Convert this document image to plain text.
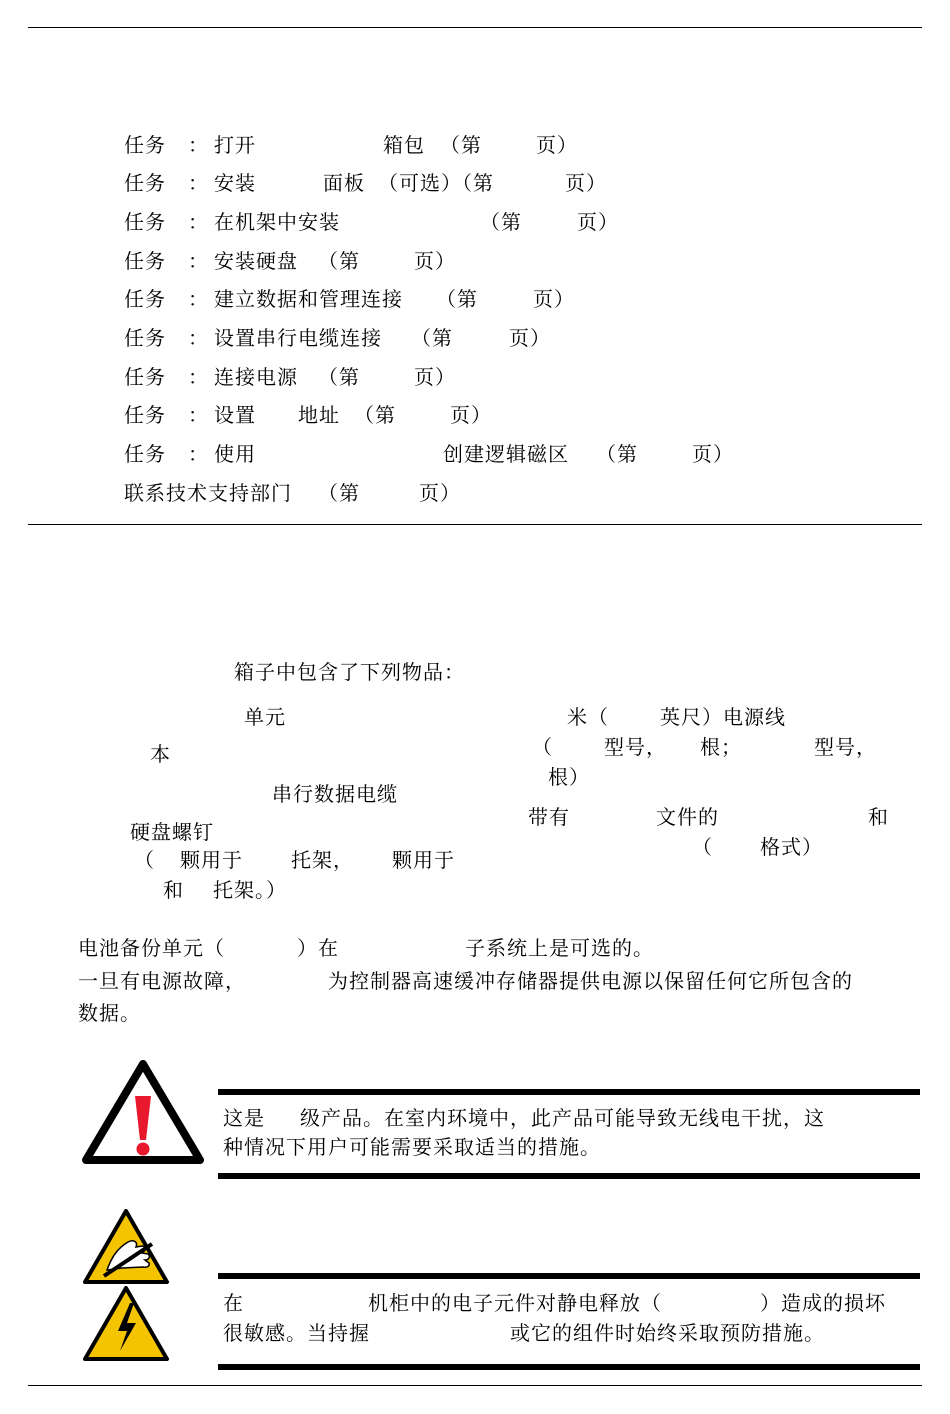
任务 ： 打开	箱包 （第	页）
任务 ： 安装	面板 （可选）（第	页）
任务 ： 在机架中安装	（第	页）
任务 ： 安装硬盘 （第	页）
任务 ： 建立数据和管理连接 （第	页）
任务 ： 设置串行电缆连接 （第	页）
任务 ： 连接电源 （第	页）
任务 ： 设置 地址 （第	页）
任务 ： 使用	创建逻辑磁区 （第	页）
联系技术支持部门 （第	页）
箱子中包含了下列物品：
单元
本
串行数据电缆
硬盘螺钉
（ 颗用于 托架， 颗用于
和 托架。）
米（	英尺）电源线
（	型号， 根；	型号，
根）
带有	文件的	和
（ 格式）
电池备份单元（	）在	子系统上是可选的。
一旦有电源故障，	为控制器高速缓冲存储器提供电源以保留任何它所包含的
数据。
这是 级产品。在室内环境中，此产品可能导致无线电干扰，这
种情况下用户可能需要采取适当的措施。
在	机柜中的电子元件对静电释放（	）造成的损坏
很敏感。当持握	或它的组件时始终采取预防措施。
